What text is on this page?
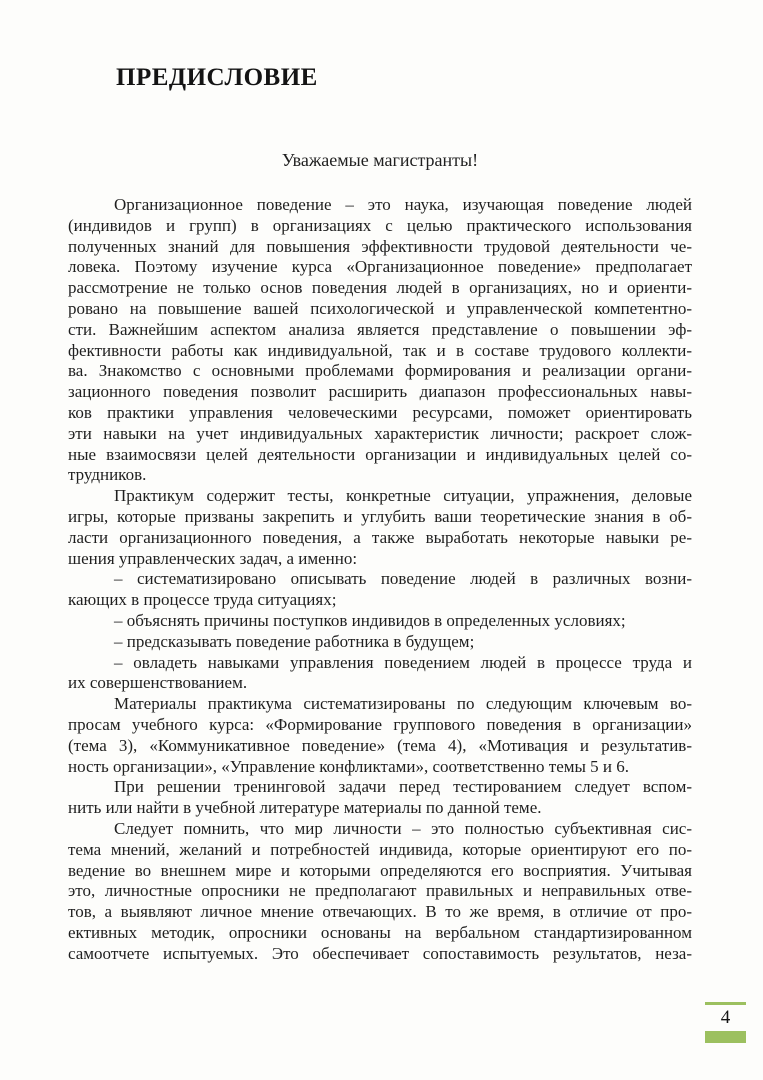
ПРЕДИСЛОВИЕ
Уважаемые магистранты!
Организационное поведение – это наука, изучающая поведение людей
(индивидов и групп) в организациях с целью практического использования
полученных знаний для повышения эффективности трудовой деятельности че-
ловека. Поэтому изучение курса «Организационное поведение» предполагает
рассмотрение не только основ поведения людей в организациях, но и ориенти-
ровано на повышение вашей психологической и управленческой компетентно-
сти. Важнейшим аспектом анализа является представление о повышении эф-
фективности работы как индивидуальной, так и в составе трудового коллекти-
ва. Знакомство с основными проблемами формирования и реализации органи-
зационного поведения позволит расширить диапазон профессиональных навы-
ков практики управления человеческими ресурсами, поможет ориентировать
эти навыки на учет индивидуальных характеристик личности; раскроет слож-
ные взаимосвязи целей деятельности организации и индивидуальных целей со-
трудников.
Практикум содержит тесты, конкретные ситуации, упражнения, деловые
игры, которые призваны закрепить и углубить ваши теоретические знания в об-
ласти организационного поведения, а также выработать некоторые навыки ре-
шения управленческих задач, а именно:
– систематизировано описывать поведение людей в различных возни-
кающих в процессе труда ситуациях;
– объяснять причины поступков индивидов в определенных условиях;
– предсказывать поведение работника в будущем;
– овладеть навыками управления поведением людей в процессе труда и
их совершенствованием.
Материалы практикума систематизированы по следующим ключевым во-
просам учебного курса: «Формирование группового поведения в организации»
(тема 3), «Коммуникативное поведение» (тема 4), «Мотивация и результатив-
ность организации», «Управление конфликтами», соответственно темы 5 и 6.
При решении тренинговой задачи перед тестированием следует вспом-
нить или найти в учебной литературе материалы по данной теме.
Следует помнить, что мир личности – это полностью субъективная сис-
тема мнений, желаний и потребностей индивида, которые ориентируют его по-
ведение во внешнем мире и которыми определяются его восприятия. Учитывая
это, личностные опросники не предполагают правильных и неправильных отве-
тов, а выявляют личное мнение отвечающих. В то же время, в отличие от про-
ективных методик, опросники основаны на вербальном стандартизированном
самоотчете испытуемых. Это обеспечивает сопоставимость результатов, неза-
4
